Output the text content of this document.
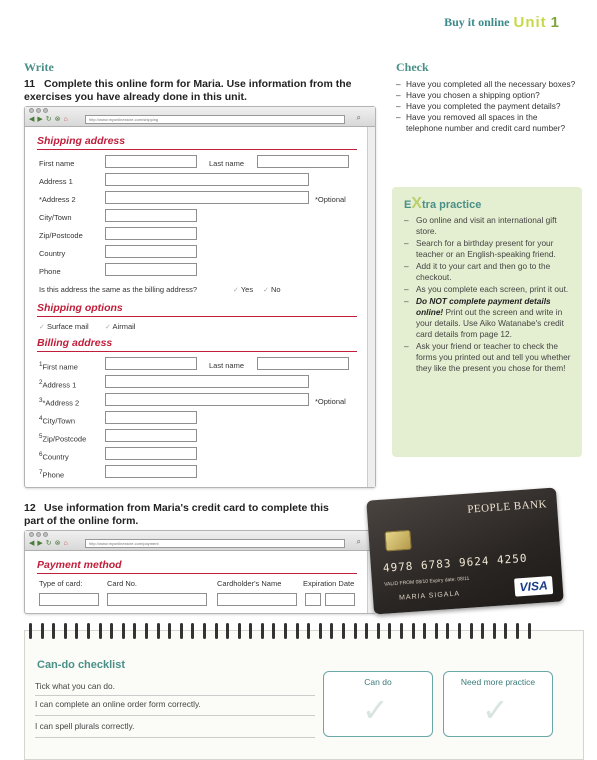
Buy it online Unit 1
Write
11 Complete this online form for Maria. Use information from the exercises you have already done in this unit.
◀ ▶ ↻ ⊗ ⌂	http://www.myonlinestore.com/shipping	⌕
Shipping address
First name	Last name
Address 1
*Address 2	*Optional
City/Town
Zip/Postcode
Country
Phone
Is this address the same as the billing address?	✓ Yes ✓ No
Shipping options
✓ Surface mail ✓ Airmail
Billing address
$^1$First name	Last name
$^2$Address 1
$^3$*Address 2	*Optional
$^4$City/Town
$^5$Zip/Postcode
$^6$Country
$^7$Phone
12 Use information from Maria's credit card to complete this part of the online form.
◀ ▶ ↻ ⊗ ⌂	http://www.myonlinestore.com/payment	⌕
Payment method
Type of card:	Card No.	Cardholder's Name	Expiration Date
Check
– Have you completed all the necessary boxes?
– Have you chosen a shipping option?
– Have you completed the payment details?
– Have you removed all spaces in the telephone number and credit card number?
EXtra practice
– Go online and visit an international gift store.
– Search for a birthday present for your teacher or an English-speaking friend.
– Add it to your cart and then go to the checkout.
– As you complete each screen, print it out.
– Do NOT complete payment details online! Print out the screen and write in your details. Use Aiko Watanabe's credit card details from page 12.
– Ask your friend or teacher to check the forms you printed out and tell you whether they like the present you chose for them!
PEOPLE BANK
4978 6783 9624 4250
VALID FROM 08/10 Expiry date: 08/11
MARIA SIGALA
VISA
Can-do checklist
Tick what you can do.
I can complete an online order form correctly.
I can spell plurals correctly.
Can do
✓
Need more practice
✓
